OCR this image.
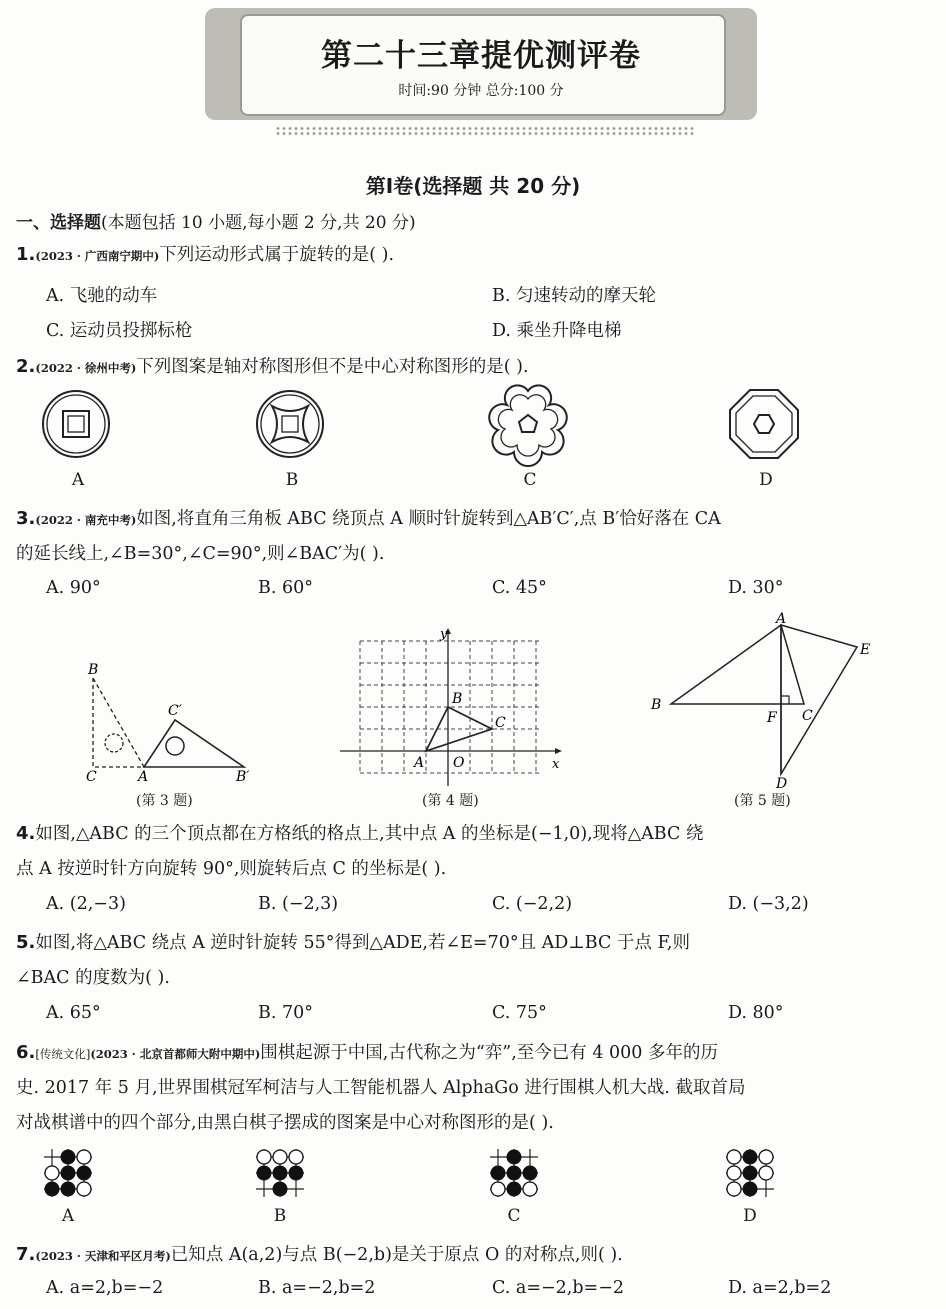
第二十三章提优测评卷
时间:90 分钟 总分:100 分
第Ⅰ卷(选择题 共 20 分)
一、选择题(本题包括 10 小题,每小题 2 分,共 20 分)
1.(2023 · 广西南宁期中)下列运动形式属于旋转的是( ).
A. 飞驰的动车	B. 匀速转动的摩天轮
C. 运动员投掷标枪	D. 乘坐升降电梯
2.(2022 · 徐州中考)下列图案是轴对称图形但不是中心对称图形的是( ).
A	B	C	D
3.(2022 · 南充中考)如图,将直角三角板 ABC 绕顶点 A 顺时针旋转到△AB′C′,点 B′恰好落在 CA
的延长线上,∠B=30°,∠C=90°,则∠BAC′为( ).
A. 90°	B. 60°	C. 45°	D. 30°
B
C′
C	A	B′
(第 3 题)
y
B
C
A O	x
(第 4 题)
A
E
B
F C
D
(第 5 题)
4.如图,△ABC 的三个顶点都在方格纸的格点上,其中点 A 的坐标是(−1,0),现将△ABC 绕
点 A 按逆时针方向旋转 90°,则旋转后点 C 的坐标是( ).
A. (2,−3)	B. (−2,3)	C. (−2,2)	D. (−3,2)
5.如图,将△ABC 绕点 A 逆时针旋转 55°得到△ADE,若∠E=70°且 AD⊥BC 于点 F,则
∠BAC 的度数为( ).
A. 65°	B. 70°	C. 75°	D. 80°
6.[传统文化](2023 · 北京首都师大附中期中)围棋起源于中国,古代称之为“弈”,至今已有 4 000 多年的历
史. 2017 年 5 月,世界围棋冠军柯洁与人工智能机器人 AlphaGo 进行围棋人机大战. 截取首局
对战棋谱中的四个部分,由黑白棋子摆成的图案是中心对称图形的是( ).
A	B	C	D
7.(2023 · 天津和平区月考)已知点 A(a,2)与点 B(−2,b)是关于原点 O 的对称点,则( ).
A. a=2,b=−2	B. a=−2,b=2	C. a=−2,b=−2	D. a=2,b=2
